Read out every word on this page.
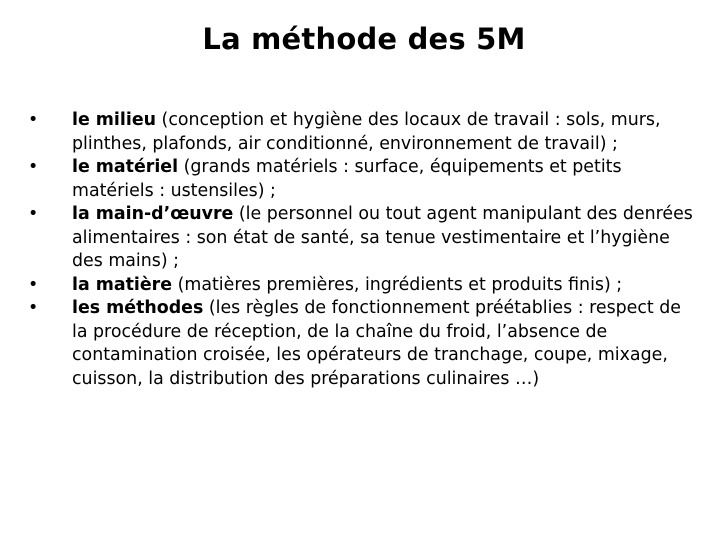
La méthode des 5M
•	le milieu (conception et hygiène des locaux de travail : sols, murs, plinthes, plafonds, air conditionné, environnement de travail) ;
•	le matériel (grands matériels : surface, équipements et petits matériels : ustensiles) ;
•	la main-d’œuvre (le personnel ou tout agent manipulant des denrées alimentaires : son état de santé, sa tenue vestimentaire et l’hygiène des mains) ;
•	la matière (matières premières, ingrédients et produits finis) ;
•	les méthodes (les règles de fonctionnement préétablies : respect de la procédure de réception, de la chaîne du froid, l’absence de contamination croisée, les opérateurs de tranchage, coupe, mixage, cuisson, la distribution des préparations culinaires …)
